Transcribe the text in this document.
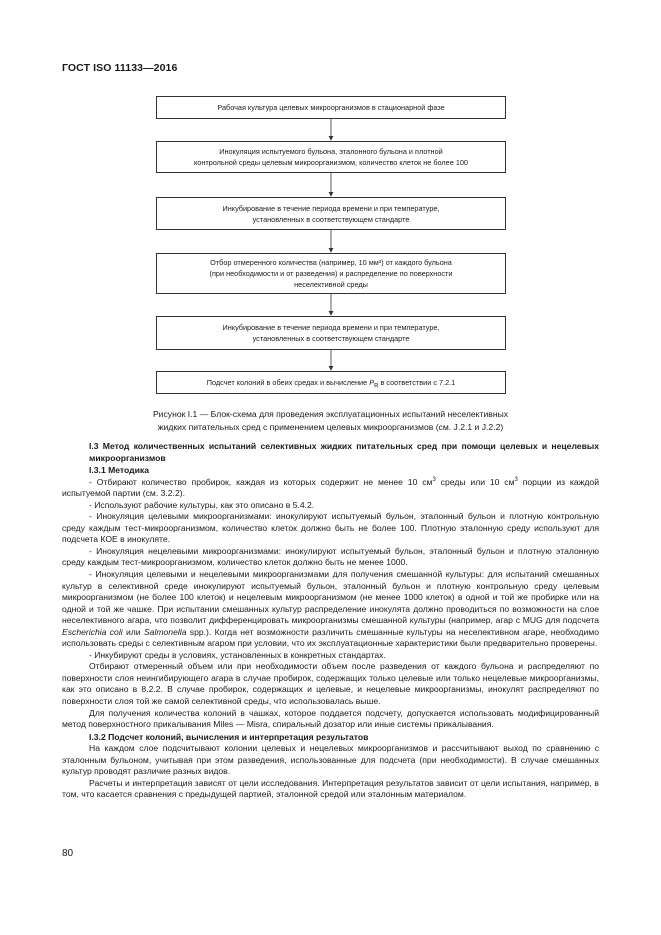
ГОСТ ISO 11133—2016
Рабочая культура целевых микроорганизмов в стационарной фазе
Инокуляция испытуемого бульона, эталонного бульона и плотной
контрольной среды целевым микроорганизмом, количество клеток не более 100
Инкубирование в течение периода времени и при температуре,
установленных в соответствующем стандарте
Отбор отмеренного количества (например, 10 мм³) от каждого бульона
(при необходимости и от разведения) и распределение по поверхности
неселективной среды
Инкубирование в течение периода времени и при температуре,
установленных в соответствующем стандарте
Подсчет колоний в обеих средах и вычисление $P_R$ в соответствии с 7.2.1
Рисунок I.1 — Блок-схема для проведения эксплуатационных испытаний неселективных
жидких питательных сред с применением целевых микроорганизмов (см. J.2.1 и J.2.2)

I.3 Метод количественных испытаний селективных жидких питательных сред при помощи целевых и нецелевых микроорганизмов

I.3.1 Методика

- Отбирают количество пробирок, каждая из которых содержит не менее 10 $см^3$ среды или 10 $см^3$ порции из каждой испытуемой партии (см. 3.2.2).

- Используют рабочие культуры, как это описано в 5.4.2.

- Инокуляция целевыми микроорганизмами: инокулируют испытуемый бульон, эталонный бульон и плотную контрольную среду каждым тест-микроорганизмом, количество клеток должно быть не более 100. Плотную эталонную среду используют для подсчета КОЕ в инокуляте.

- Инокуляция нецелевыми микроорганизмами: инокулируют испытуемый бульон, эталонный бульон и плотную эталонную среду каждым тест-микроорганизмом, количество клеток должно быть не менее 1000.

- Инокуляция целевыми и нецелевыми микроорганизмами для получения смешанной культуры: для испытаний смешанных культур в селективной среде инокулируют испытуемый бульон, эталонный бульон и плотную контрольную среду целевым микроорганизмом (не более 100 клеток) и нецелевым микроорганизмом (не менее 1000 клеток) в одной и той же пробирке или на одной и той же чашке. При испытании смешанных культур распределение инокулята должно проводиться по возможности на слое неселективного агара, что позволит дифференцировать микроорганизмы смешанной культуры (например, агар с MUG для подсчета Escherichia coli или Salmonella spp.). Когда нет возможности различить смешанные культуры на неселективном агаре, необходимо использовать среды с селективным агаром при условии, что их эксплуатационные характеристики были предварительно проверены.

- Инкубируют среды в условиях, установленных в конкретных стандартах.

Отбирают отмеренный объем или при необходимости объем после разведения от каждого бульона и распределяют по поверхности слоя неингибирующего агара в случае пробирок, содержащих только целевые или только нецелевые микроорганизмы, как это описано в 8.2.2. В случае пробирок, содержащих и целевые, и нецелевые микроорганизмы, инокулят распределяют по поверхности слоя той же самой селективной среды, что использовалась выше.

Для получения количества колоний в чашках, которое поддается подсчету, допускается использовать модифицированный метод поверхностного прикалывания Miles — Misra, спиральный дозатор или иные системы прикалывания.

I.3.2 Подсчет колоний, вычисления и интерпретация результатов

На каждом слое подсчитывают колонии целевых и нецелевых микроорганизмов и рассчитывают выход по сравнению с эталонным бульоном, учитывая при этом разведения, использованные для подсчета (при необходимости). В случае смешанных культур проводят различие разных видов.

Расчеты и интерпретация зависят от цели исследования. Интерпретация результатов зависит от цели испытания, например, в том, что касается сравнения с предыдущей партией, эталонной средой или эталонным материалом.

80
